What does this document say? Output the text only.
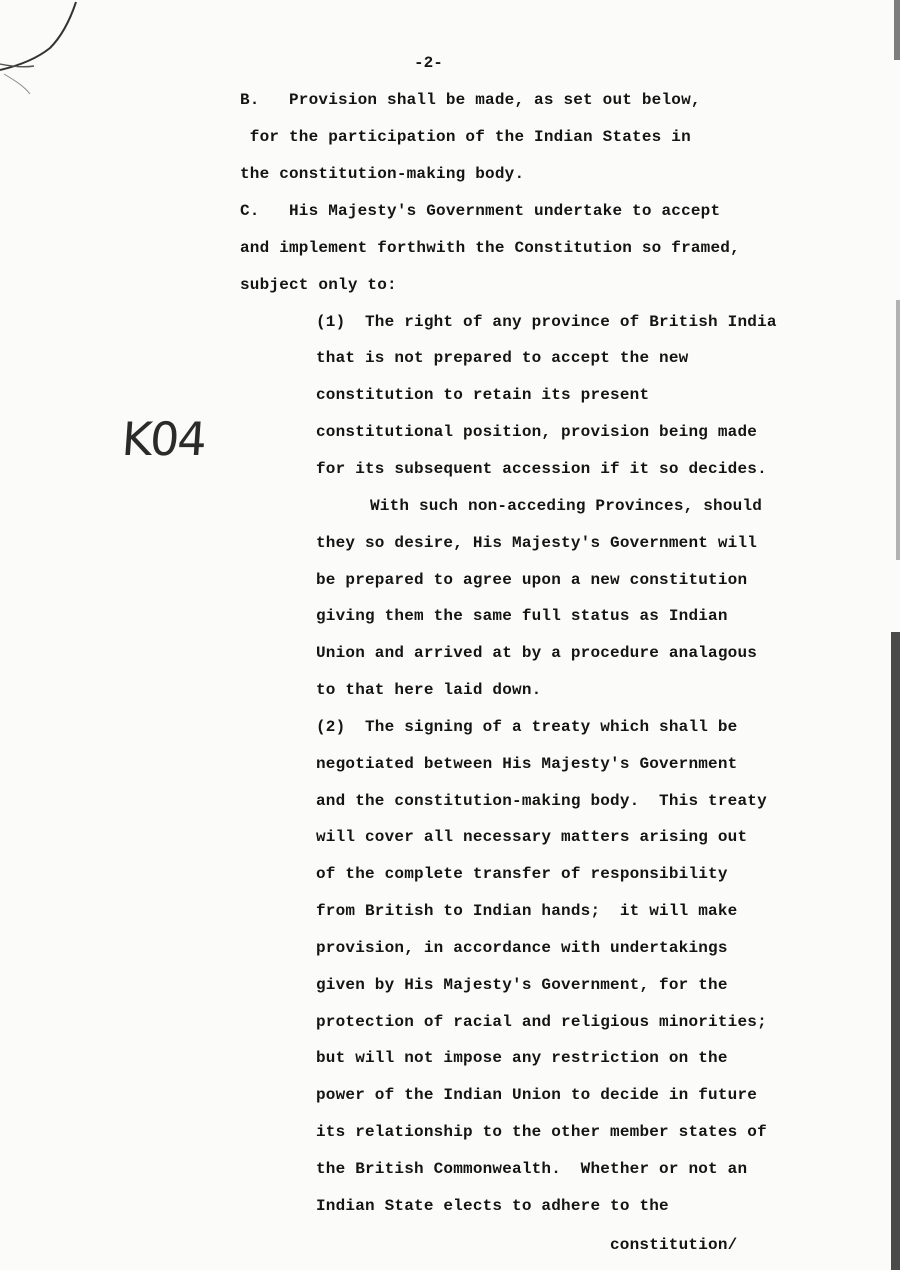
-2-
B.   Provision shall be made, as set out below,
for the participation of the Indian States in
the constitution-making body.
C.   His Majesty's Government undertake to accept
and implement forthwith the Constitution so framed,
subject only to:
(1)  The right of any province of British India
that is not prepared to accept the new
constitution to retain its present
constitutional position, provision being made
for its subsequent accession if it so decides.
With such non-acceding Provinces, should
they so desire, His Majesty's Government will
be prepared to agree upon a new constitution
giving them the same full status as Indian
Union and arrived at by a procedure analagous
to that here laid down.
(2)  The signing of a treaty which shall be
negotiated between His Majesty's Government
and the constitution-making body.  This treaty
will cover all necessary matters arising out
of the complete transfer of responsibility
from British to Indian hands;  it will make
provision, in accordance with undertakings
given by His Majesty's Government, for the
protection of racial and religious minorities;
but will not impose any restriction on the
power of the Indian Union to decide in future
its relationship to the other member states of
the British Commonwealth.  Whether or not an
Indian State elects to adhere to the
constitution/
K04
